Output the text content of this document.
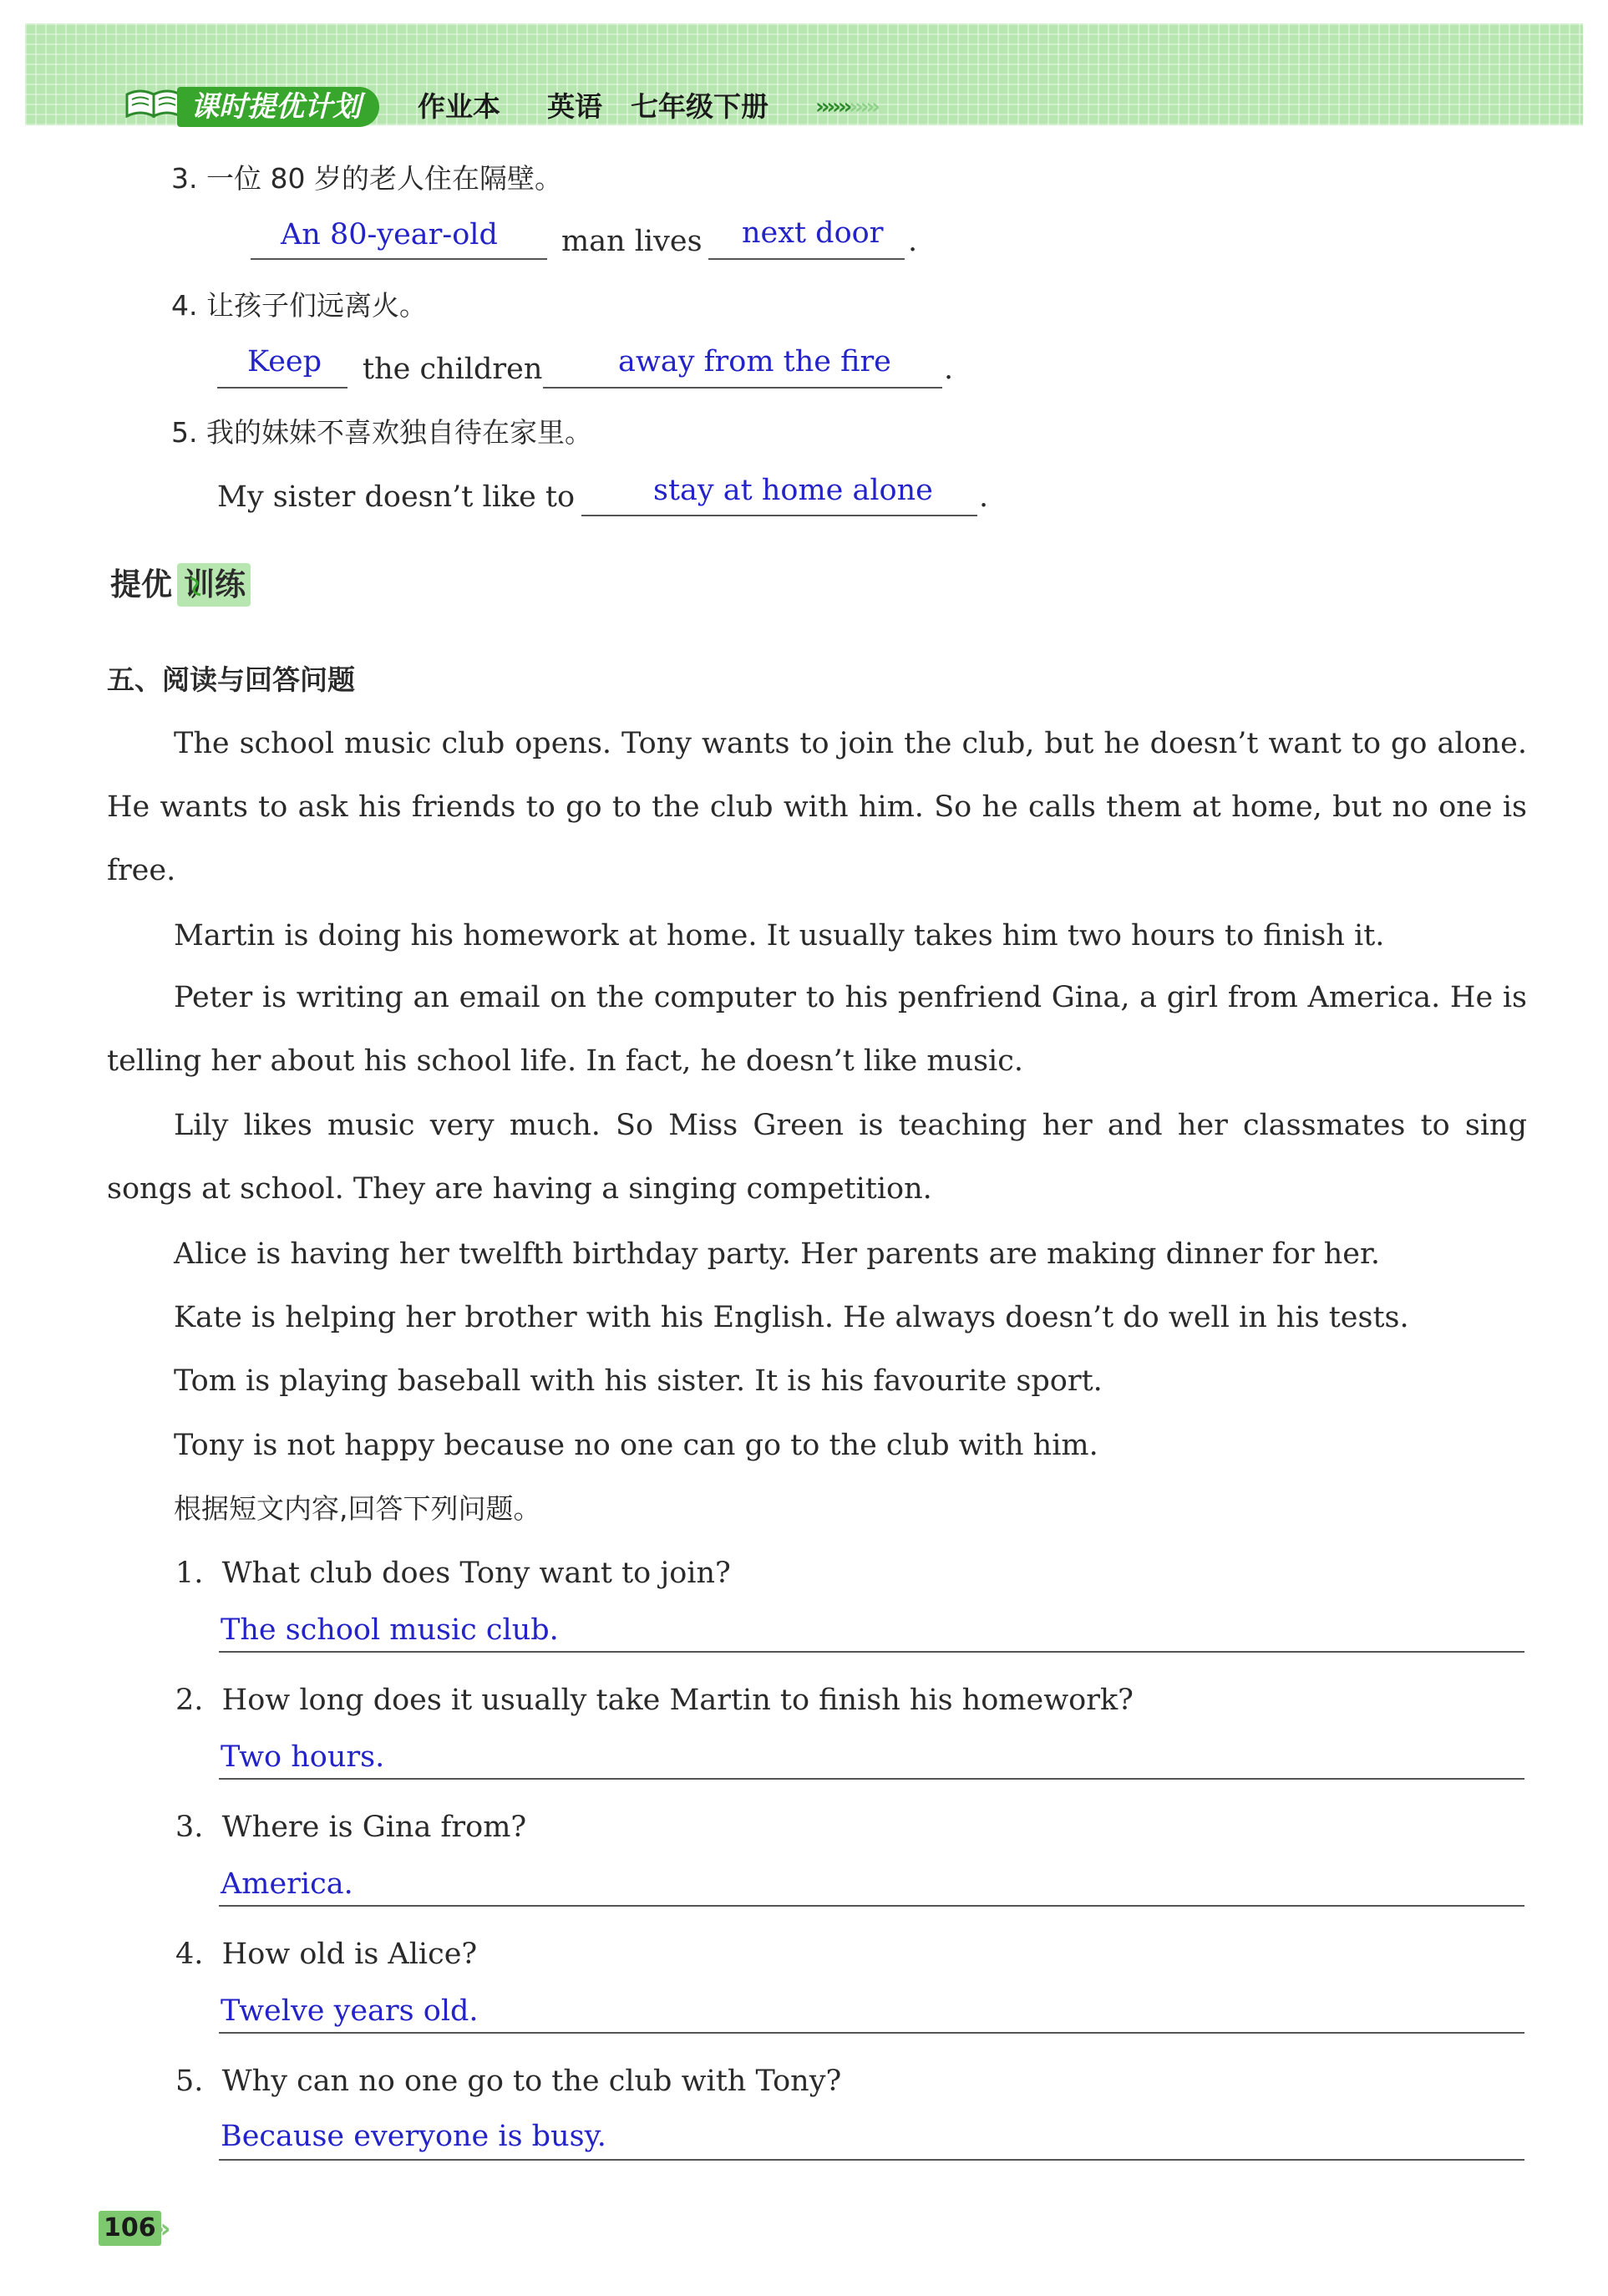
课时提优计划	作业本 英语 七年级下册 ›››››››››››
3. 一位 80 岁的老人住在隔壁。
An 80-year-old man lives next door .
4. 让孩子们远离火。
Keep the children	away from the fire .
5. 我的妹妹不喜欢独自待在家里。
My sister doesn’t like to	stay at home alone .
提优 训练
五、阅读与回答问题
The school music club opens. Tony wants to join the club, but he doesn’t want to go alone. He wants to ask his friends to go to the club with him. So he calls them at home, but no one is free.
Martin is doing his homework at home. It usually takes him two hours to finish it.
Peter is writing an email on the computer to his penfriend Gina, a girl from America. He is telling her about his school life. In fact, he doesn’t like music.
Lily likes music very much. So Miss Green is teaching her and her classmates to sing songs at school. They are having a singing competition.
Alice is having her twelfth birthday party. Her parents are making dinner for her.
Kate is helping her brother with his English. He always doesn’t do well in his tests.
Tom is playing baseball with his sister. It is his favourite sport.
Tony is not happy because no one can go to the club with him.
根据短文内容,回答下列问题。
1. What club does Tony want to join?
The school music club.
2. How long does it usually take Martin to finish his homework?
Two hours.
3. Where is Gina from?
America.
4. How old is Alice?
Twelve years old.
5. Why can no one go to the club with Tony?
Because everyone is busy.
106
»
